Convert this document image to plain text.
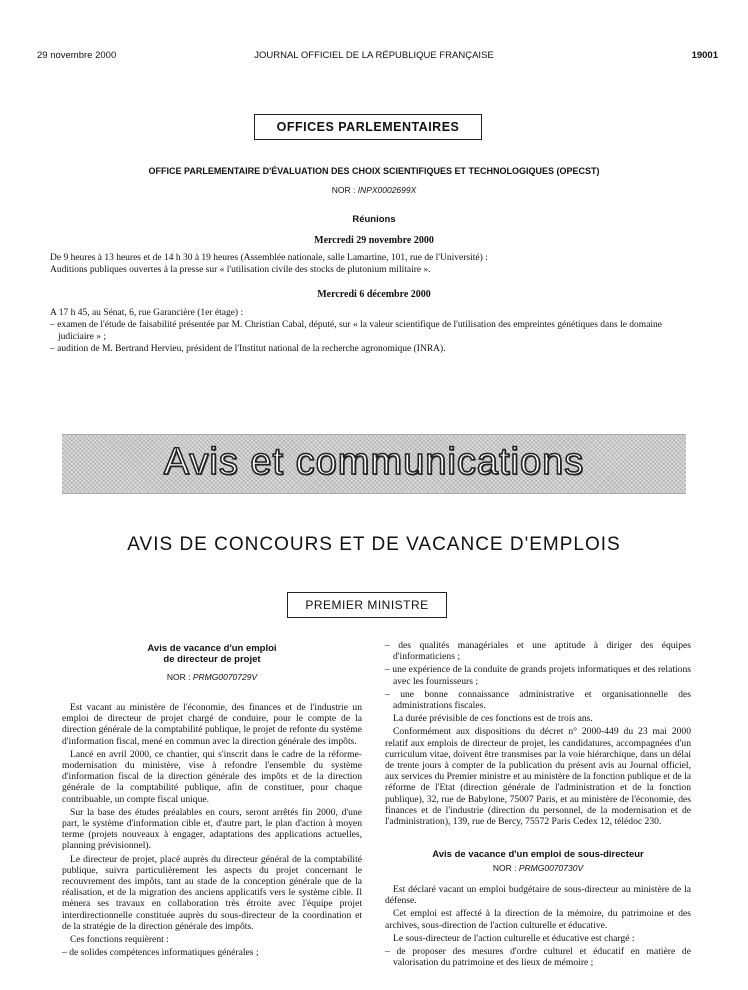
29 novembre 2000	JOURNAL OFFICIEL DE LA RÉPUBLIQUE FRANÇAISE	19001
OFFICES PARLEMENTAIRES
OFFICE PARLEMENTAIRE D'ÉVALUATION DES CHOIX SCIENTIFIQUES ET TECHNOLOGIQUES (OPECST)
NOR : INPX0002699X
Réunions
Mercredi 29 novembre 2000
De 9 heures à 13 heures et de 14 h 30 à 19 heures (Assemblée nationale, salle Lamartine, 101, rue de l'Université) :
Auditions publiques ouvertes à la presse sur « l'utilisation civile des stocks de plutonium militaire ».
Mercredi 6 décembre 2000
A 17 h 45, au Sénat, 6, rue Garancière (1er étage) :
– examen de l'étude de faisabilité présentée par M. Christian Cabal, député, sur « la valeur scientifique de l'utilisation des empreintes génétiques dans le domaine judiciaire » ;
– audition de M. Bertrand Hervieu, président de l'Institut national de la recherche agronomique (INRA).
Avis et communications
AVIS DE CONCOURS ET DE VACANCE D'EMPLOIS
PREMIER MINISTRE
Avis de vacance d'un emploi
de directeur de projet
NOR : PRMG0070729V

Est vacant au ministère de l'économie, des finances et de l'industrie un emploi de directeur de projet chargé de conduire, pour le compte de la direction générale de la comptabilité publique, le projet de refonte du système d'information fiscal, mené en commun avec la direction générale des impôts.

Lancé en avril 2000, ce chantier, qui s'inscrit dans le cadre de la réforme-modernisation du ministère, vise à refondre l'ensemble du système d'information fiscal de la direction générale des impôts et de la direction générale de la comptabilité publique, afin de constituer, pour chaque contribuable, un compte fiscal unique.

Sur la base des études préalables en cours, seront arrêtés fin 2000, d'une part, le système d'information cible et, d'autre part, le plan d'action à moyen terme (projets nouveaux à engager, adaptations des applications actuelles, planning prévisionnel).

Le directeur de projet, placé auprès du directeur général de la comptabilité publique, suivra particulièrement les aspects du projet concernant le recouvrement des impôts, tant au stade de la conception générale que de la réalisation, et de la migration des anciens applicatifs vers le système cible. Il mènera ses travaux en collaboration très étroite avec l'équipe projet interdirectionnelle constituée auprès du sous-directeur de la coordination et de la stratégie de la direction générale des impôts.

Ces fonctions requièrent :

– de solides compétences informatiques générales ;

– des qualités managériales et une aptitude à diriger des équipes d'informaticiens ;

– une expérience de la conduite de grands projets informatiques et des relations avec les fournisseurs ;

– une bonne connaissance administrative et organisationnelle des administrations fiscales.

La durée prévisible de ces fonctions est de trois ans.

Conformément aux dispositions du décret n° 2000-449 du 23 mai 2000 relatif aux emplois de directeur de projet, les candidatures, accompagnées d'un curriculum vitae, doivent être transmises par la voie hiérarchique, dans un délai de trente jours à compter de la publication du présent avis au Journal officiel, aux services du Premier ministre et au ministère de la fonction publique et de la réforme de l'Etat (direction générale de l'administration et de la fonction publique), 32, rue de Babylone, 75007 Paris, et au ministère de l'économie, des finances et de l'industrie (direction du personnel, de la modernisation et de l'administration), 139, rue de Bercy, 75572 Paris Cedex 12, télédoc 230.

Avis de vacance d'un emploi de sous-directeur
NOR : PRMG0070730V

Est déclaré vacant un emploi budgétaire de sous-directeur au ministère de la défense.

Cet emploi est affecté à la direction de la mémoire, du patrimoine et des archives, sous-direction de l'action culturelle et éducative.

Le sous-directeur de l'action culturelle et éducative est chargé :

– de proposer des mesures d'ordre culturel et éducatif en matière de valorisation du patrimoine et des lieux de mémoire ;
